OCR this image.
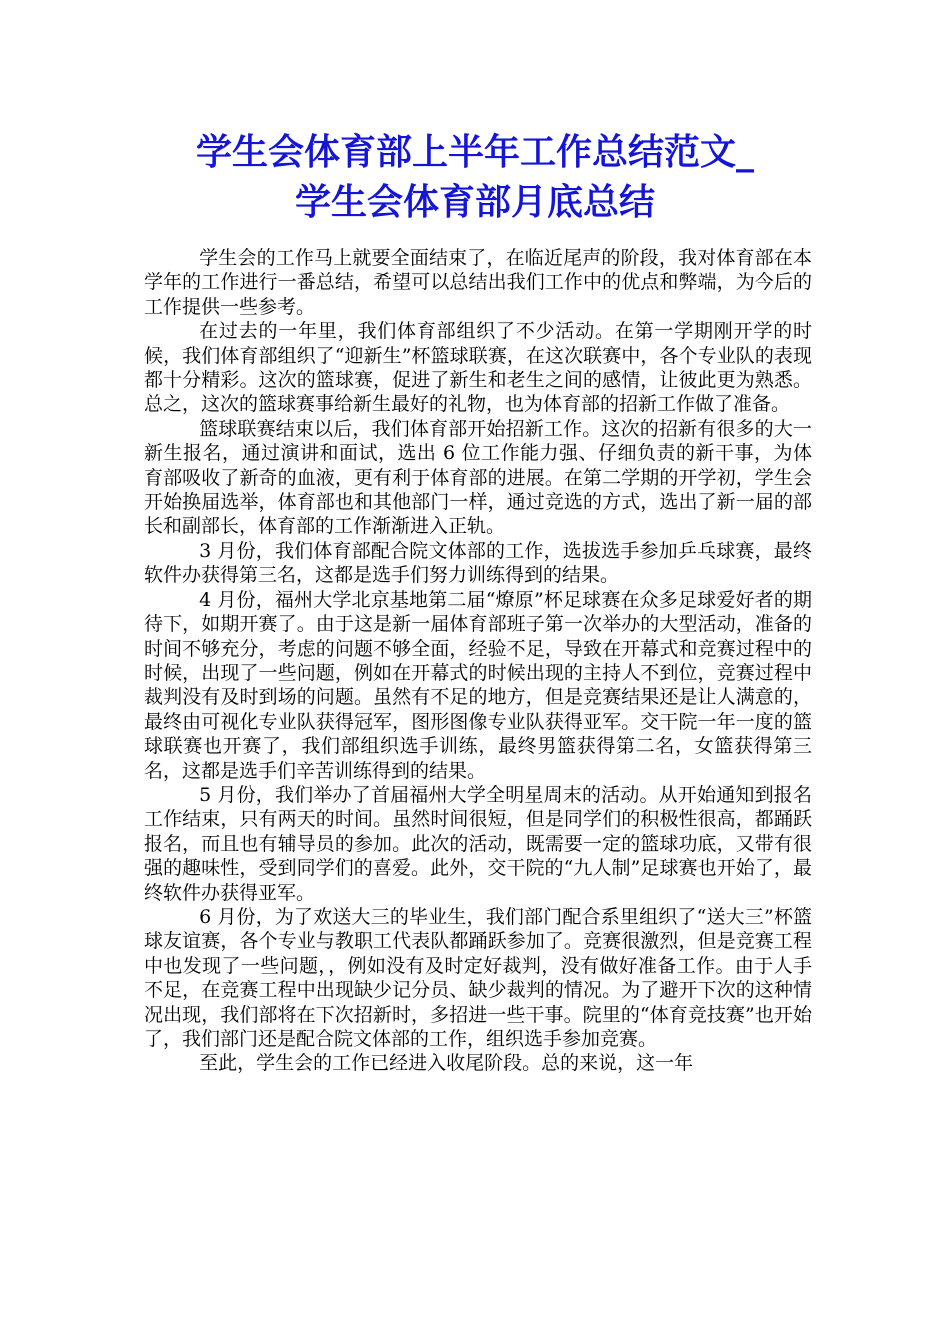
学生会体育部上半年工作总结范文_
学生会体育部月底总结

学生会的工作马上就要全面结束了，在临近尾声的阶段，我对体育部在本学年的工作进行一番总结，希望可以总结出我们工作中的优点和弊端，为今后的工作提供一些参考。

在过去的一年里，我们体育部组织了不少活动。在第一学期刚开学的时候，我们体育部组织了“迎新生”杯篮球联赛，在这次联赛中，各个专业队的表现都十分精彩。这次的篮球赛，促进了新生和老生之间的感情，让彼此更为熟悉。总之，这次的篮球赛事给新生最好的礼物，也为体育部的招新工作做了准备。

篮球联赛结束以后，我们体育部开始招新工作。这次的招新有很多的大一新生报名，通过演讲和面试，选出 6 位工作能力强、仔细负责的新干事，为体育部吸收了新奇的血液，更有利于体育部的进展。在第二学期的开学初，学生会开始换届选举，体育部也和其他部门一样，通过竞选的方式，选出了新一届的部长和副部长，体育部的工作渐渐进入正轨。

3 月份，我们体育部配合院文体部的工作，选拔选手参加乒乓球赛，最终软件办获得第三名，这都是选手们努力训练得到的结果。

4 月份，福州大学北京基地第二届“燎原”杯足球赛在众多足球爱好者的期待下，如期开赛了。由于这是新一届体育部班子第一次举办的大型活动，准备的时间不够充分，考虑的问题不够全面，经验不足，导致在开幕式和竞赛过程中的时候，出现了一些问题，例如在开幕式的时候出现的主持人不到位，竞赛过程中裁判没有及时到场的问题。虽然有不足的地方，但是竞赛结果还是让人满意的，最终由可视化专业队获得冠军，图形图像专业队获得亚军。交干院一年一度的篮球联赛也开赛了，我们部组织选手训练，最终男篮获得第二名，女篮获得第三名，这都是选手们辛苦训练得到的结果。

5 月份，我们举办了首届福州大学全明星周末的活动。从开始通知到报名工作结束，只有两天的时间。虽然时间很短，但是同学们的积极性很高，都踊跃报名，而且也有辅导员的参加。此次的活动，既需要一定的篮球功底，又带有很强的趣味性，受到同学们的喜爱。此外，交干院的“九人制”足球赛也开始了，最终软件办获得亚军。

6 月份，为了欢送大三的毕业生，我们部门配合系里组织了“送大三”杯篮球友谊赛，各个专业与教职工代表队都踊跃参加了。竞赛很激烈，但是竞赛工程中也发现了一些问题，，例如没有及时定好裁判，没有做好准备工作。由于人手不足，在竞赛工程中出现缺少记分员、缺少裁判的情况。为了避开下次的这种情况出现，我们部将在下次招新时，多招进一些干事。院里的“体育竞技赛”也开始了，我们部门还是配合院文体部的工作，组织选手参加竞赛。

至此，学生会的工作已经进入收尾阶段。总的来说，这一年
